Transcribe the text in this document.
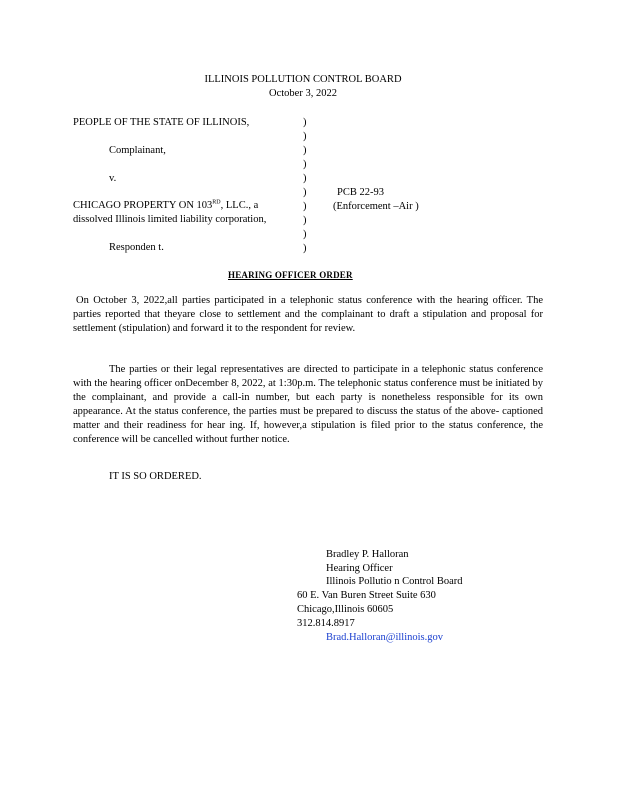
ILLINOIS POLLUTION CONTROL BOARD
October 3, 2022
PEOPLE OF THE STATE OF ILLINOIS,
Complainant,
v.
CHICAGO PROPERTY ON 103RD, LLC., a
dissolved Illinois limited liability corporation,
Responden t.
)
)
)
)
)
)
)
)
)
)
PCB 22-93
(Enforcement –Air )
HEARING OFFICER ORDER
On October 3, 2022,all parties participated in a telephonic status conference with the hearing officer. The parties reported that theyare close to settlement and the complainant to draft a stipulation and proposal for settlement (stipulation) and forward it to the respondent for review.
The parties or their legal representatives are directed to participate in a telephonic status conference with the hearing officer onDecember 8, 2022, at 1:30p.m. The telephonic status conference must be initiated by the complainant, and provide a call-in number, but each party is nonetheless responsible for its own appearance. At the status conference, the parties must be prepared to discuss the status of the above- captioned matter and their readiness for hear ing. If, however,a stipulation is filed prior to the status conference, the conference will be cancelled without further notice.
IT IS SO ORDERED.
Bradley P. Halloran
Hearing Officer
Illinois Pollutio n Control Board
60 E. Van Buren Street Suite 630
Chicago,Illinois 60605
312.814.8917
Brad.Halloran@illinois.gov
